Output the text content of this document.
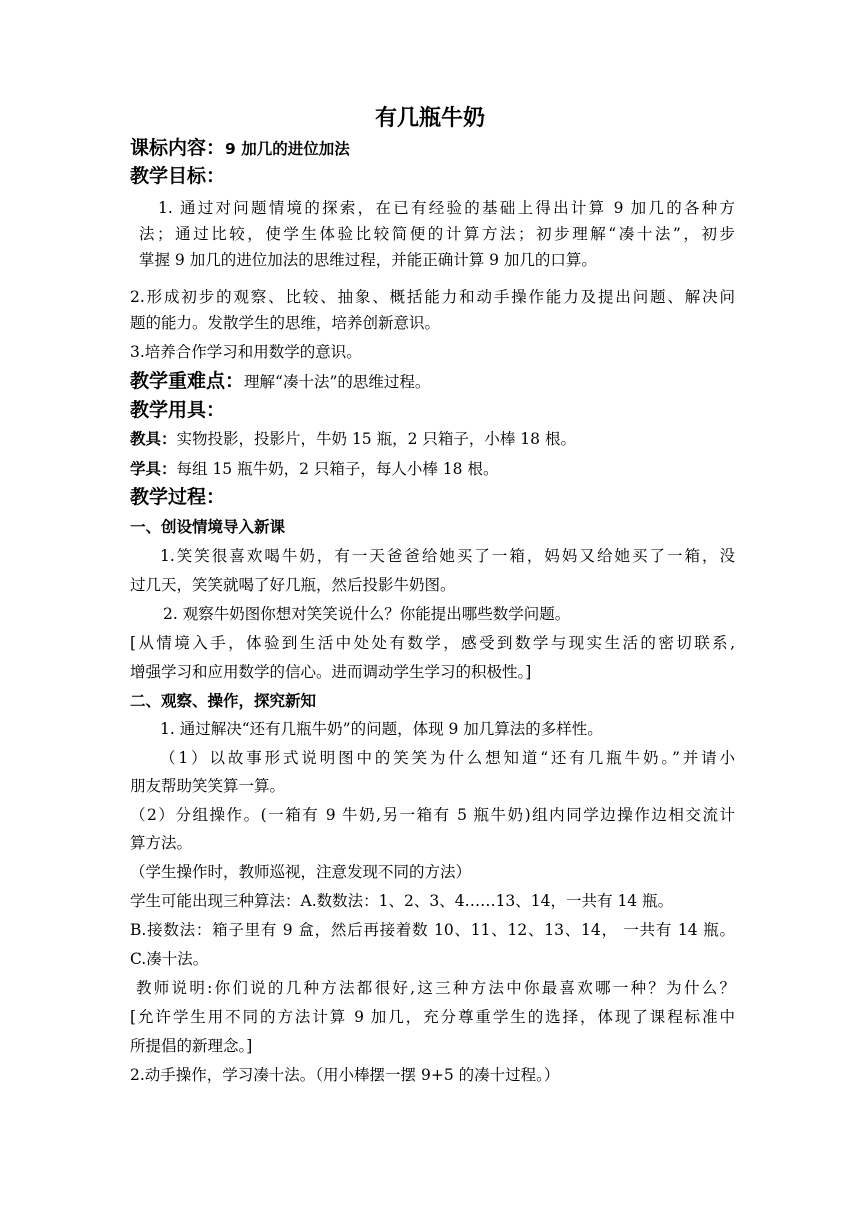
有几瓶牛奶
课标内容：9 加几的进位加法
教学目标：
1. 通过对问题情境的探索，在已有经验的基础上得出计算 9 加几的各种方
法；通过比较，使学生体验比较简便的计算方法；初步理解“凑十法”，初步
掌握 9 加几的进位加法的思维过程，并能正确计算 9 加几的口算。
2.形成初步的观察、比较、抽象、概括能力和动手操作能力及提出问题、解决问
题的能力。发散学生的思维，培养创新意识。
3.培养合作学习和用数学的意识。
教学重难点：理解“凑十法”的思维过程。
教学用具：
教具：实物投影，投影片，牛奶 15 瓶，2 只箱子，小棒 18 根。
学具：每组 15 瓶牛奶，2 只箱子，每人小棒 18 根。
教学过程：
一、创设情境导入新课
1.笑笑很喜欢喝牛奶，有一天爸爸给她买了一箱，妈妈又给她买了一箱，没
过几天，笑笑就喝了好几瓶，然后投影牛奶图。
2. 观察牛奶图你想对笑笑说什么？你能提出哪些数学问题。
[从情境入手，体验到生活中处处有数学，感受到数学与现实生活的密切联系,
增强学习和应用数学的信心。进而调动学生学习的积极性。]
二、观察、操作，探究新知
1. 通过解决“还有几瓶牛奶”的问题，体现 9 加几算法的多样性。
（1）以故事形式说明图中的笑笑为什么想知道“还有几瓶牛奶。”并请小
朋友帮助笑笑算一算。
（2）分组操作。(一箱有 9 牛奶,另一箱有 5 瓶牛奶)组内同学边操作边相交流计
算方法。
（学生操作时，教师巡视，注意发现不同的方法）
学生可能出现三种算法：A.数数法：1、2、3、4……13、14，一共有 14 瓶。
B.接数法：箱子里有 9 盒，然后再接着数 10、11、12、13、14， 一共有 14 瓶。
C.凑十法。
教师说明:你们说的几种方法都很好,这三种方法中你最喜欢哪一种？为什么？
[允许学生用不同的方法计算 9 加几，充分尊重学生的选择，体现了课程标准中
所提倡的新理念。]
2.动手操作，学习凑十法。（用小棒摆一摆 9+5 的凑十过程。）
